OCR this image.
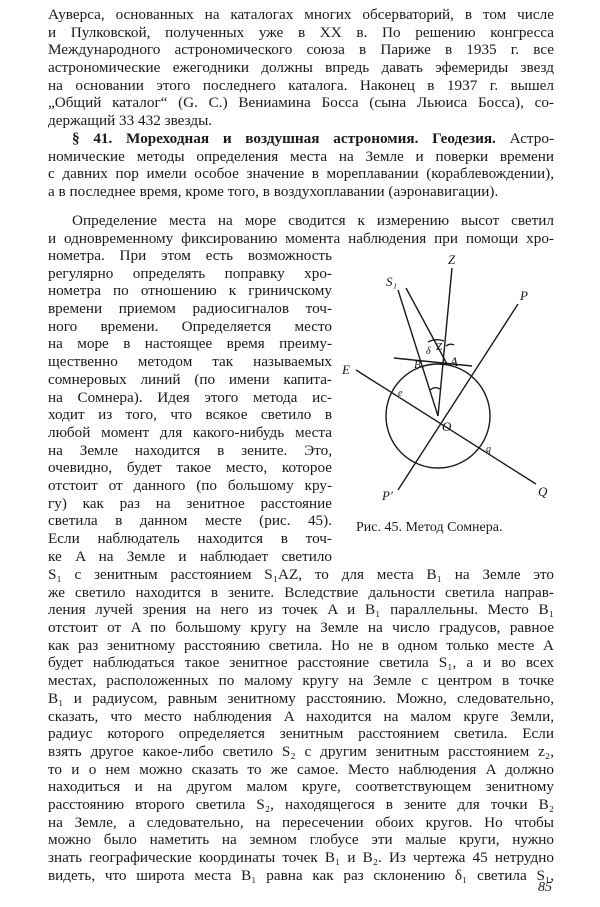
Ауверса, основанных на каталогах многих обсерваторий, в том числе
и Пулковской, полученных уже в XX в. По решению конгресса
Международного астрономического союза в Париже в 1935 г. все
астрономические ежегодники должны впредь давать эфемериды звезд
на основании этого последнего каталога. Наконец в 1937 г. вышел
„Общий каталог“ (G. C.) Вениамина Босса (сына Льюиса Босса), со-
держащий 33 432 звезды.
§ 41. Мореходная и воздушная астрономия. Геодезия. Астро-
номические методы определения места на Земле и поверки времени
с давних пор имели особое значение в мореплавании (кораблевождении),
а в последнее время, кроме того, в воздухоплавании (аэронавигации).
Определение места на море сводится к измерению высот светил
и одновременному фиксированию момента наблюдения при помощи хро-
нометра. При этом есть возможность
регулярно определять поправку хро-
нометра по отношению к гриничскому
времени приемом радиосигналов точ-
ного времени. Определяется место
на море в настоящее время преиму-
щественно методом так называемых
сомнеровых линий (по имени капита-
на Сомнера). Идея этого метода ис-
ходит из того, что всякое светило в
любой момент для какого-нибудь места
на Земле находится в зените. Это,
очевидно, будет такое место, которое
отстоит от данного (по большому кру-
гу) как раз на зенитное расстояние
светила в данном месте (рис. 45).
Если наблюдатель находится в точ-
ке A на Земле и наблюдает светило
Z
S₁
P
E
A
B₁
Z₁
δ
e
O
q
Q
P′
Рис. 45. Метод Сомнера.
S₁ с зенитным расстоянием S₁AZ, то для места B₁ на Земле это
же светило находится в зените. Вследствие дальности светила направ-
ления лучей зрения на него из точек A и B₁ параллельны. Место B₁
отстоит от A по большому кругу на Земле на число градусов, равное
как раз зенитному расстоянию светила. Но не в одном только месте A
будет наблюдаться такое зенитное расстояние светила S₁, а и во всех
местах, расположенных по малому кругу на Земле с центром в точке
B₁ и радиусом, равным зенитному расстоянию. Можно, следовательно,
сказать, что место наблюдения A находится на малом круге Земли,
радиус которого определяется зенитным расстоянием светила. Если
взять другое какое-либо светило S₂ с другим зенитным расстоянием z₂,
то и о нем можно сказать то же самое. Место наблюдения A должно
находиться и на другом малом круге, соответствующем зенитному
расстоянию второго светила S₂, находящегося в зените для точки B₂
на Земле, а следовательно, на пересечении обоих кругов. Но чтобы
можно было наметить на земном глобусе эти малые круги, нужно
знать географические координаты точек B₁ и B₂. Из чертежа 45 нетрудно
видеть, что широта места B₁ равна как раз склонению δ₁ светила S₁,
85
